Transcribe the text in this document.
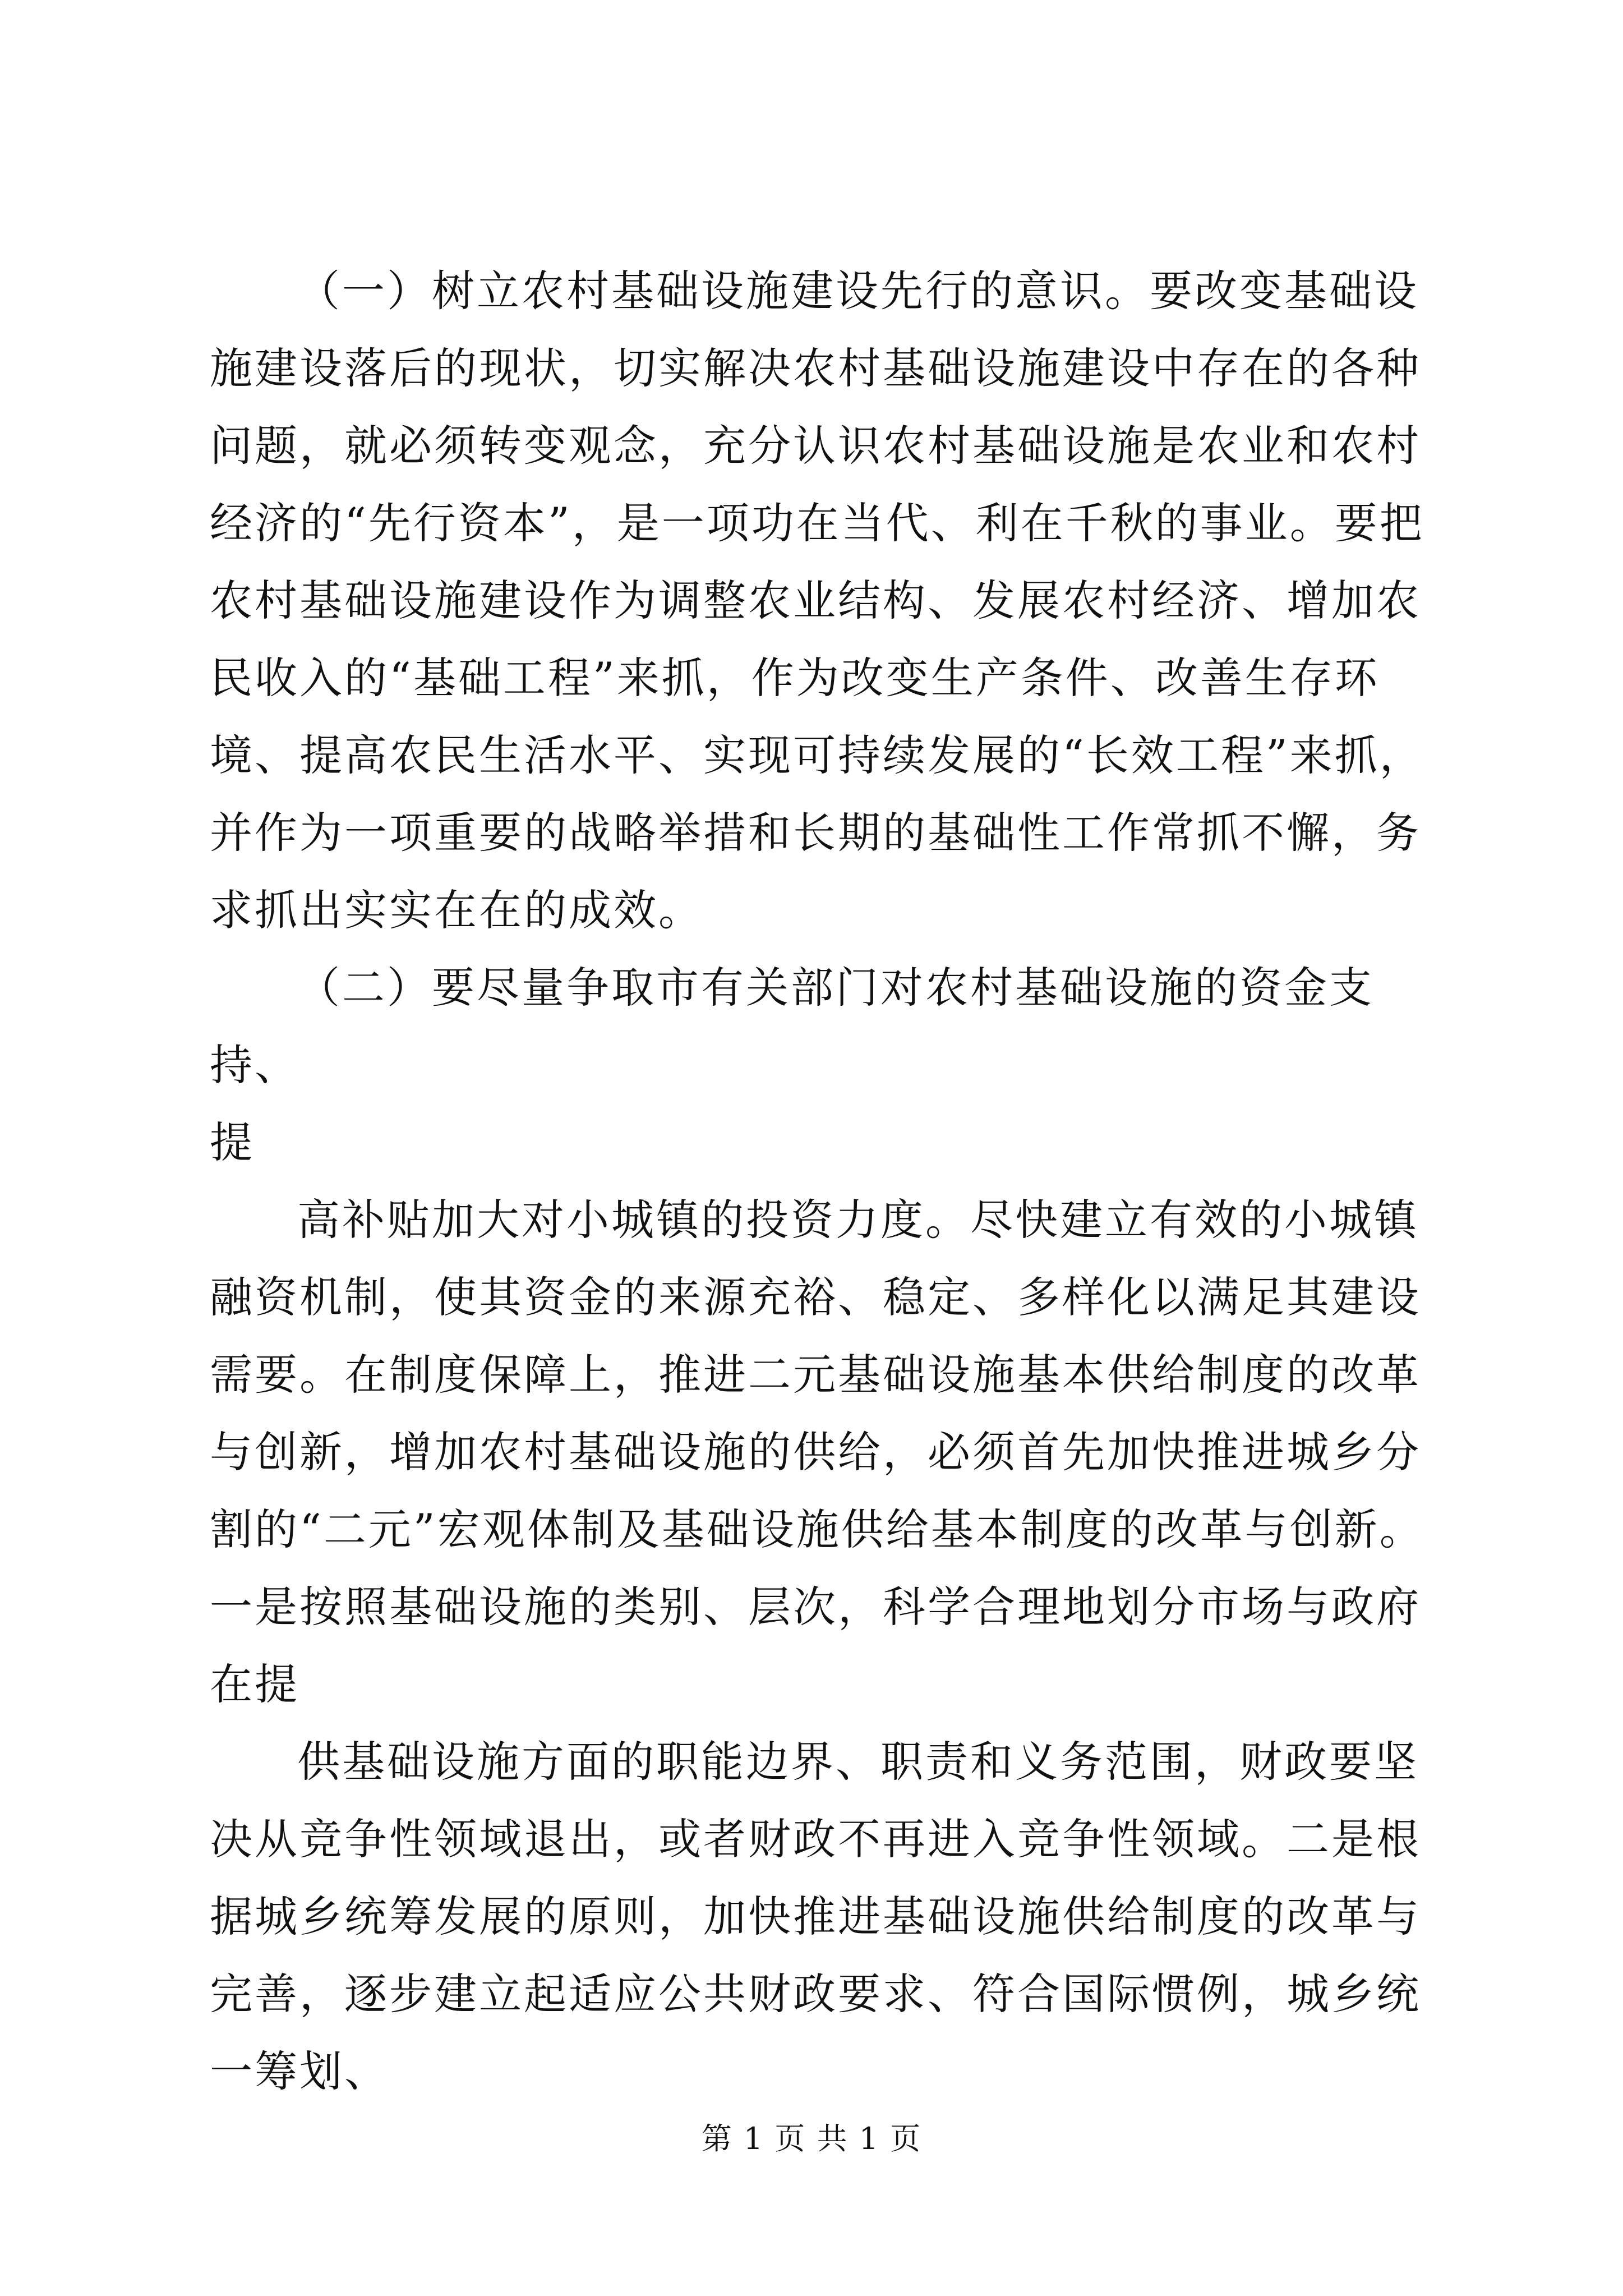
（一）树立农村基础设施建设先行的意识。要改变基础设施建设落后的现状，切实解决农村基础设施建设中存在的各种问题，就必须转变观念，充分认识农村基础设施是农业和农村经济的“先行资本”，是一项功在当代、利在千秋的事业。要把农村基础设施建设作为调整农业结构、发展农村经济、增加农民收入的“基础工程”来抓，作为改变生产条件、改善生存环境、提高农民生活水平、实现可持续发展的“长效工程”来抓，并作为一项重要的战略举措和长期的基础性工作常抓不懈，务求抓出实实在在的成效。

（二）要尽量争取市有关部门对农村基础设施的资金支持、

提

高补贴加大对小城镇的投资力度。尽快建立有效的小城镇融资机制，使其资金的来源充裕、稳定、多样化以满足其建设需要。在制度保障上，推进二元基础设施基本供给制度的改革与创新，增加农村基础设施的供给，必须首先加快推进城乡分割的“二元”宏观体制及基础设施供给基本制度的改革与创新。一是按照基础设施的类别、层次，科学合理地划分市场与政府在提

供基础设施方面的职能边界、职责和义务范围，财政要坚决从竞争性领域退出，或者财政不再进入竞争性领域。二是根据城乡统筹发展的原则，加快推进基础设施供给制度的改革与完善，逐步建立起适应公共财政要求、符合国际惯例，城乡统一筹划、

第 1 页 共 1 页
